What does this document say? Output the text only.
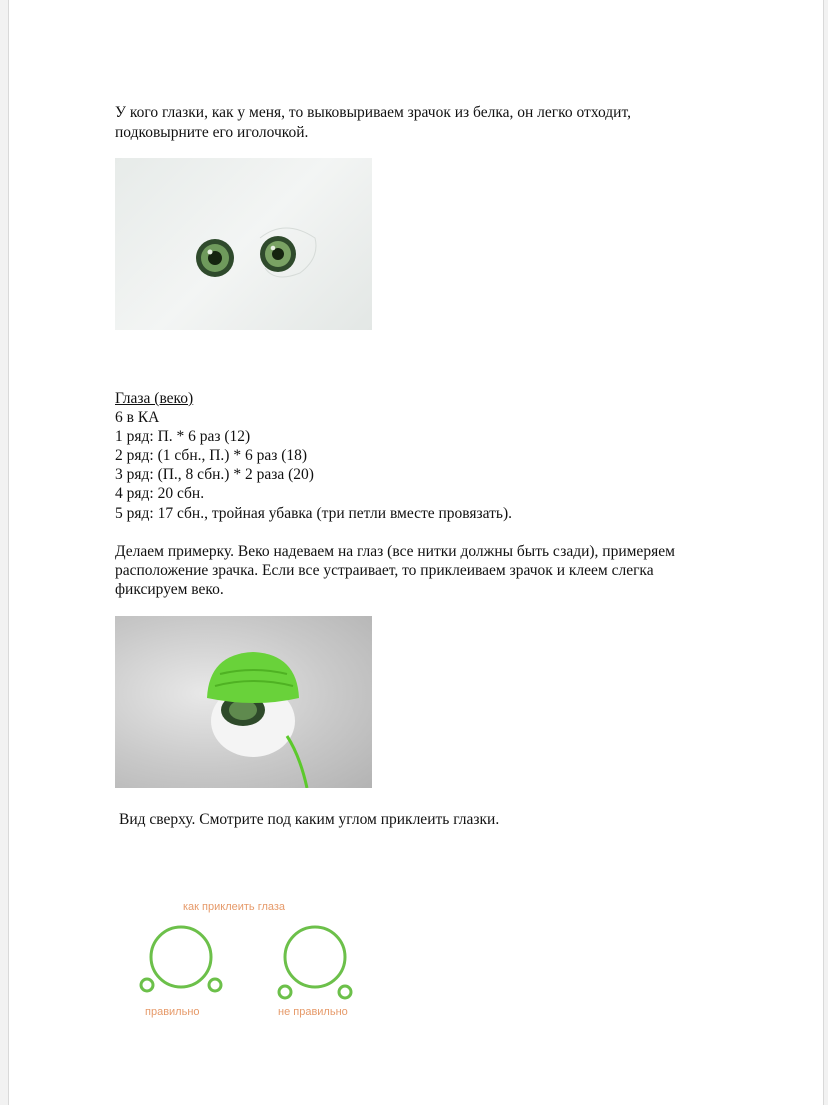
У кого глазки, как у меня, то выковыриваем зрачок из белка, он легко отходит,
подковырните его иголочкой.
Глаза (веко)
6 в КА
1 ряд: П. * 6 раз (12)
2 ряд: (1 сбн., П.) * 6 раз (18)
3 ряд: (П., 8 сбн.) * 2 раза (20)
4 ряд: 20 сбн.
5 ряд: 17 сбн., тройная убавка (три петли вместе провязать).
Делаем примерку. Веко надеваем на глаз (все нитки должны быть сзади), примеряем
расположение зрачка. Если все устраивает, то приклеиваем зрачок и клеем слегка
фиксируем веко.
Вид сверху. Смотрите под каким углом приклеить глазки.
как приклеить глаза
правильно	не правильно
